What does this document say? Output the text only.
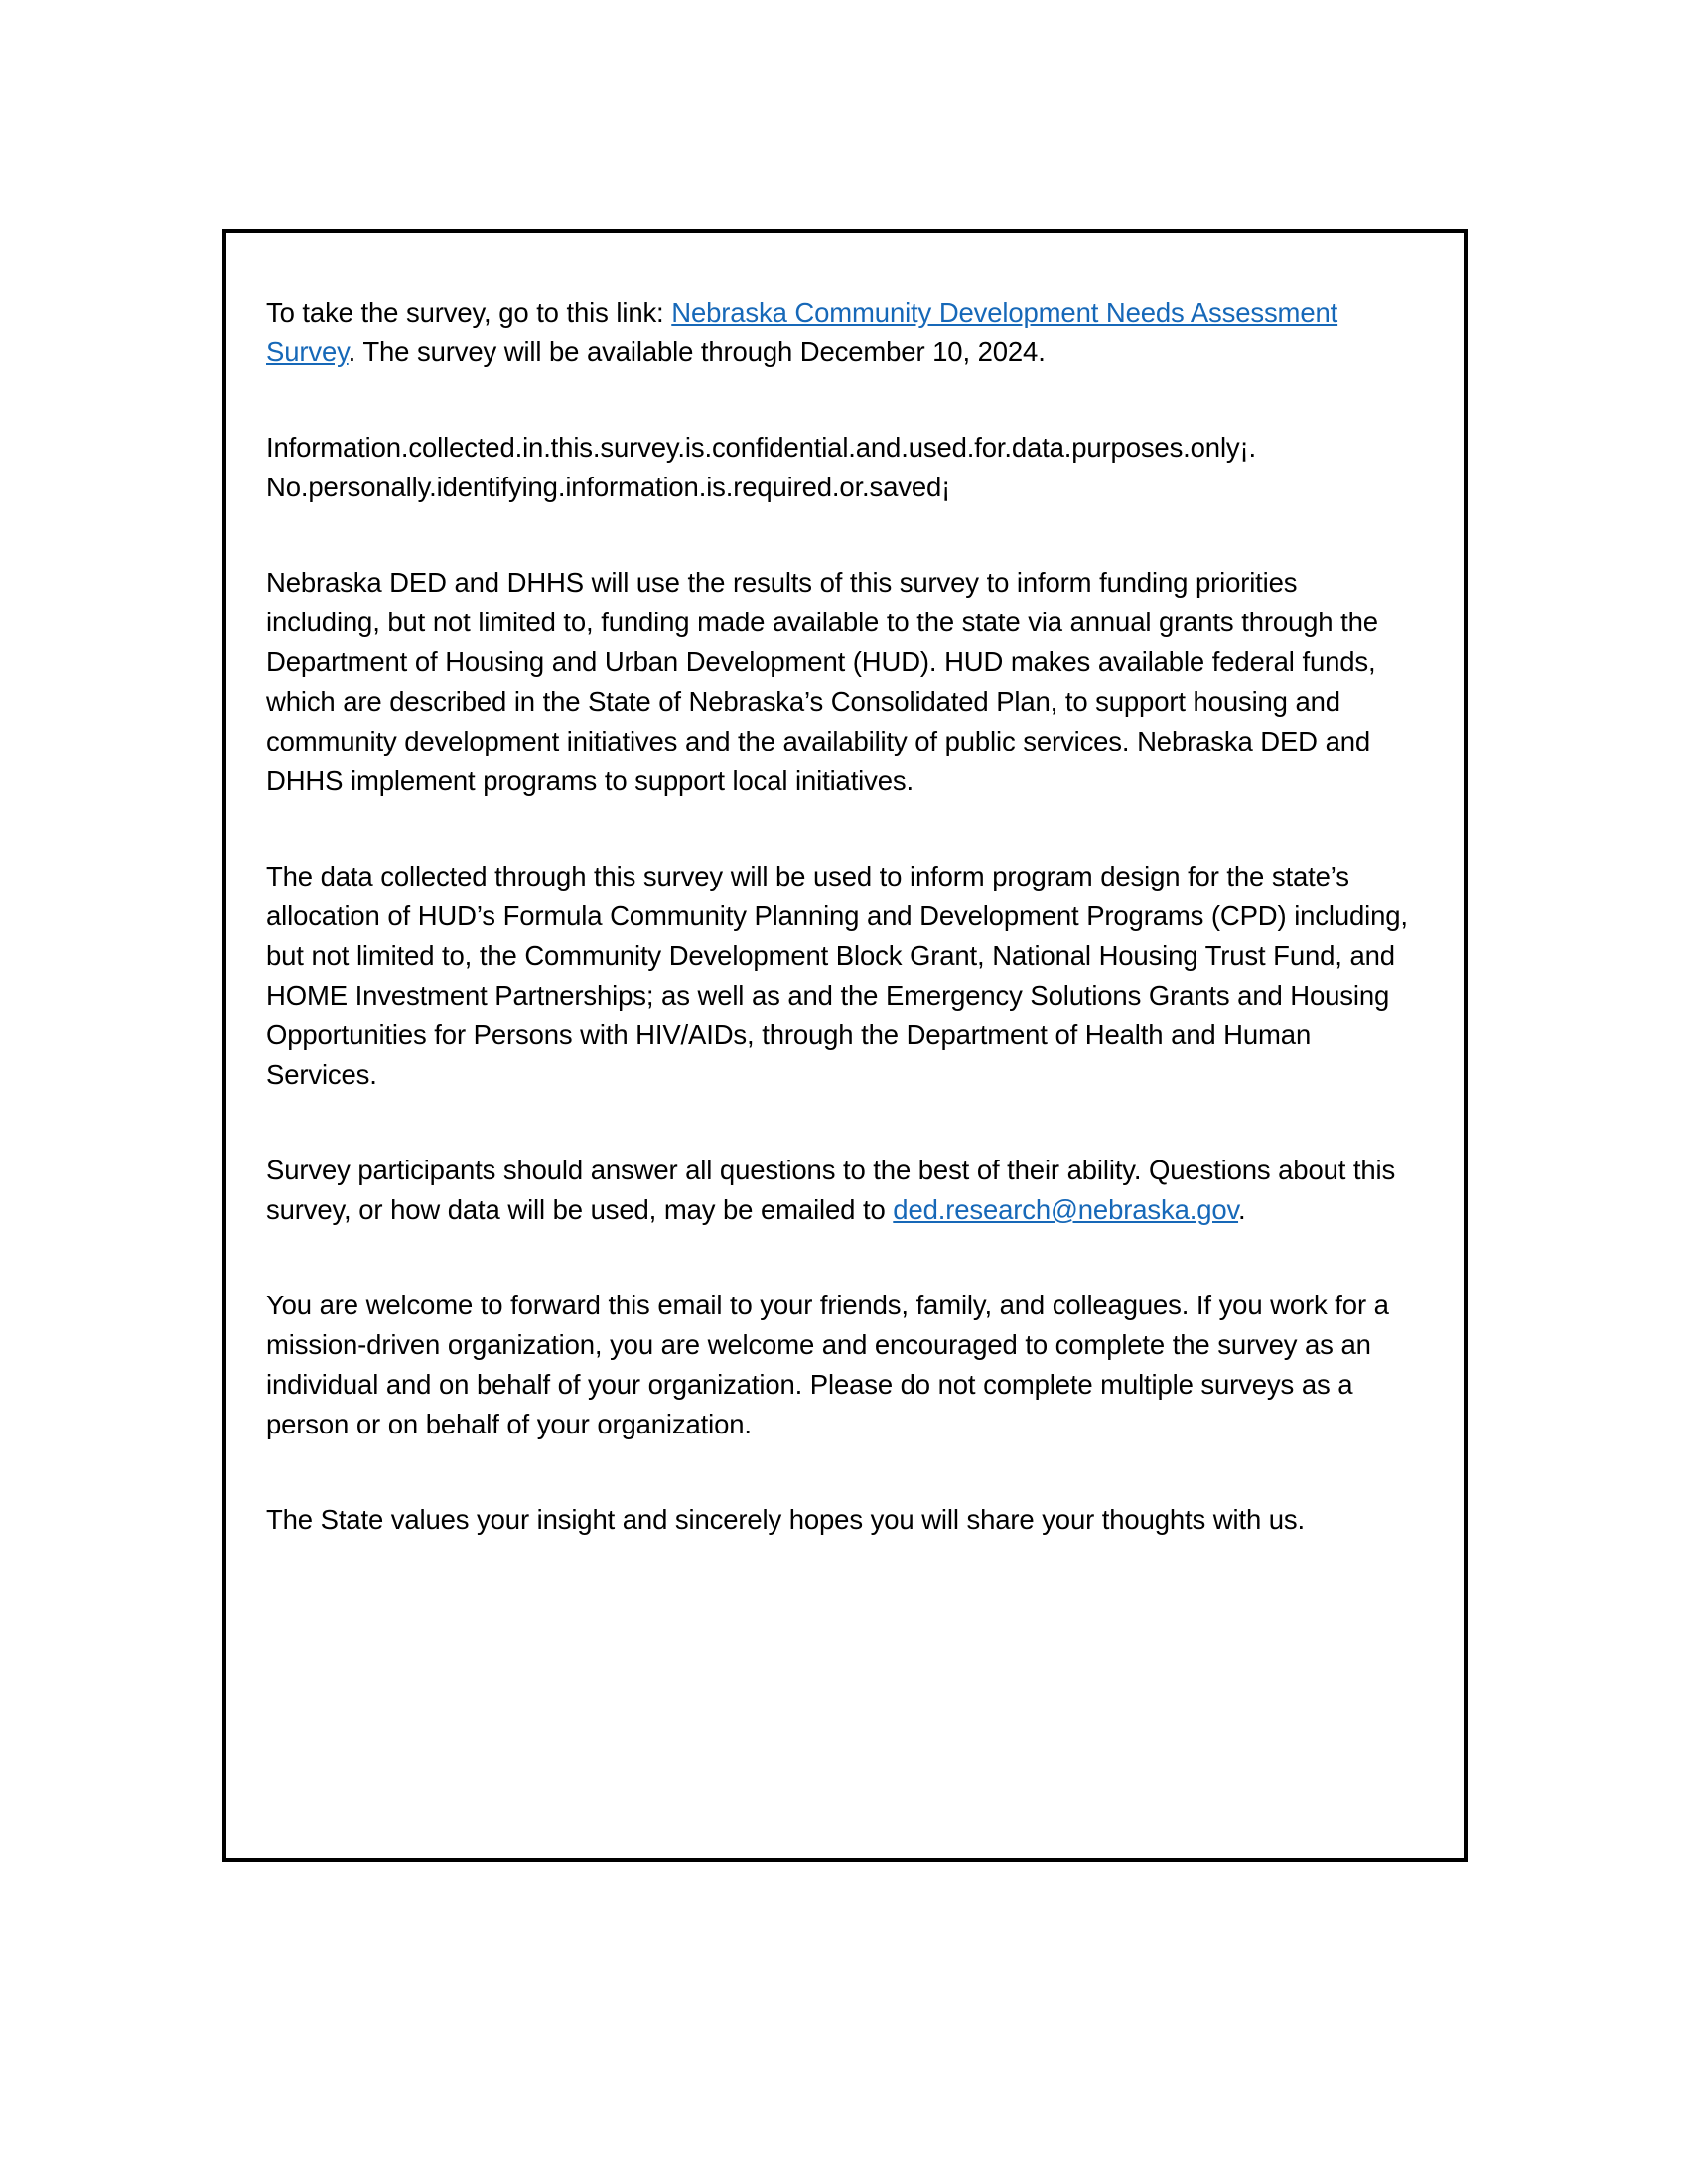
To take the survey, go to this link: Nebraska Community Development Needs Assessment Survey. The survey will be available through December 10, 2024.

Information.collected.in.this.survey.is.confidential.and.used.for.data.purposes.only¡.
No.personally.identifying.information.is.required.or.saved¡

Nebraska DED and DHHS will use the results of this survey to inform funding priorities including, but not limited to, funding made available to the state via annual grants through the Department of Housing and Urban Development (HUD). HUD makes available federal funds, which are described in the State of Nebraska’s Consolidated Plan, to support housing and community development initiatives and the availability of public services. Nebraska DED and DHHS implement programs to support local initiatives.

The data collected through this survey will be used to inform program design for the state’s allocation of HUD’s Formula Community Planning and Development Programs (CPD) including, but not limited to, the Community Development Block Grant, National Housing Trust Fund, and HOME Investment Partnerships; as well as and the Emergency Solutions Grants and Housing Opportunities for Persons with HIV/AIDs, through the Department of Health and Human Services.

Survey participants should answer all questions to the best of their ability. Questions about this survey, or how data will be used, may be emailed to ded.research@nebraska.gov.

You are welcome to forward this email to your friends, family, and colleagues. If you work for a mission-driven organization, you are welcome and encouraged to complete the survey as an individual and on behalf of your organization. Please do not complete multiple surveys as a person or on behalf of your organization.

The State values your insight and sincerely hopes you will share your thoughts with us.
